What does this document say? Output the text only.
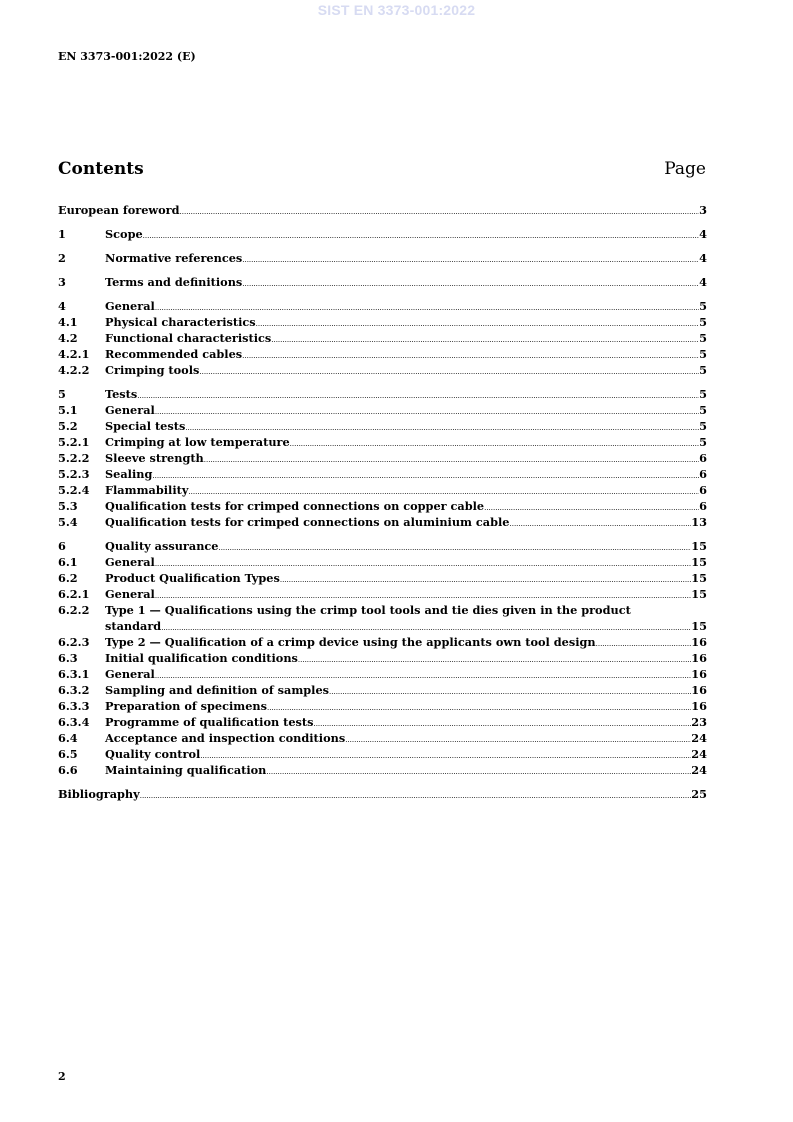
SIST EN 3373-001:2022
EN 3373-001:2022 (E)
Contents	Page
European foreword .....	3
1	Scope .....	4
2	Normative references .....	4
3	Terms and definitions .....	4
4	General .....	5
4.1	Physical characteristics .....	5
4.2	Functional characteristics .....	5
4.2.1	Recommended cables .....	5
4.2.2	Crimping tools .....	5
5	Tests .....	5
5.1	General .....	5
5.2	Special tests .....	5
5.2.1	Crimping at low temperature .....	5
5.2.2	Sleeve strength .....	6
5.2.3	Sealing .....	6
5.2.4	Flammability .....	6
5.3	Qualification tests for crimped connections on copper cable .....	6
5.4	Qualification tests for crimped connections on aluminium cable .....	13
6	Quality assurance .....	15
6.1	General .....	15
6.2	Product Qualification Types .....	15
6.2.1	General .....	15
6.2.2	Type 1 — Qualifications using the crimp tool tools and tie dies given in the product
standard .....	15
6.2.3	Type 2 — Qualification of a crimp device using the applicants own tool design .....	16
6.3	Initial qualification conditions .....	16
6.3.1	General .....	16
6.3.2	Sampling and definition of samples .....	16
6.3.3	Preparation of specimens .....	16
6.3.4	Programme of qualification tests .....	23
6.4	Acceptance and inspection conditions .....	24
6.5	Quality control .....	24
6.6	Maintaining qualification .....	24
Bibliography .....	25
2
